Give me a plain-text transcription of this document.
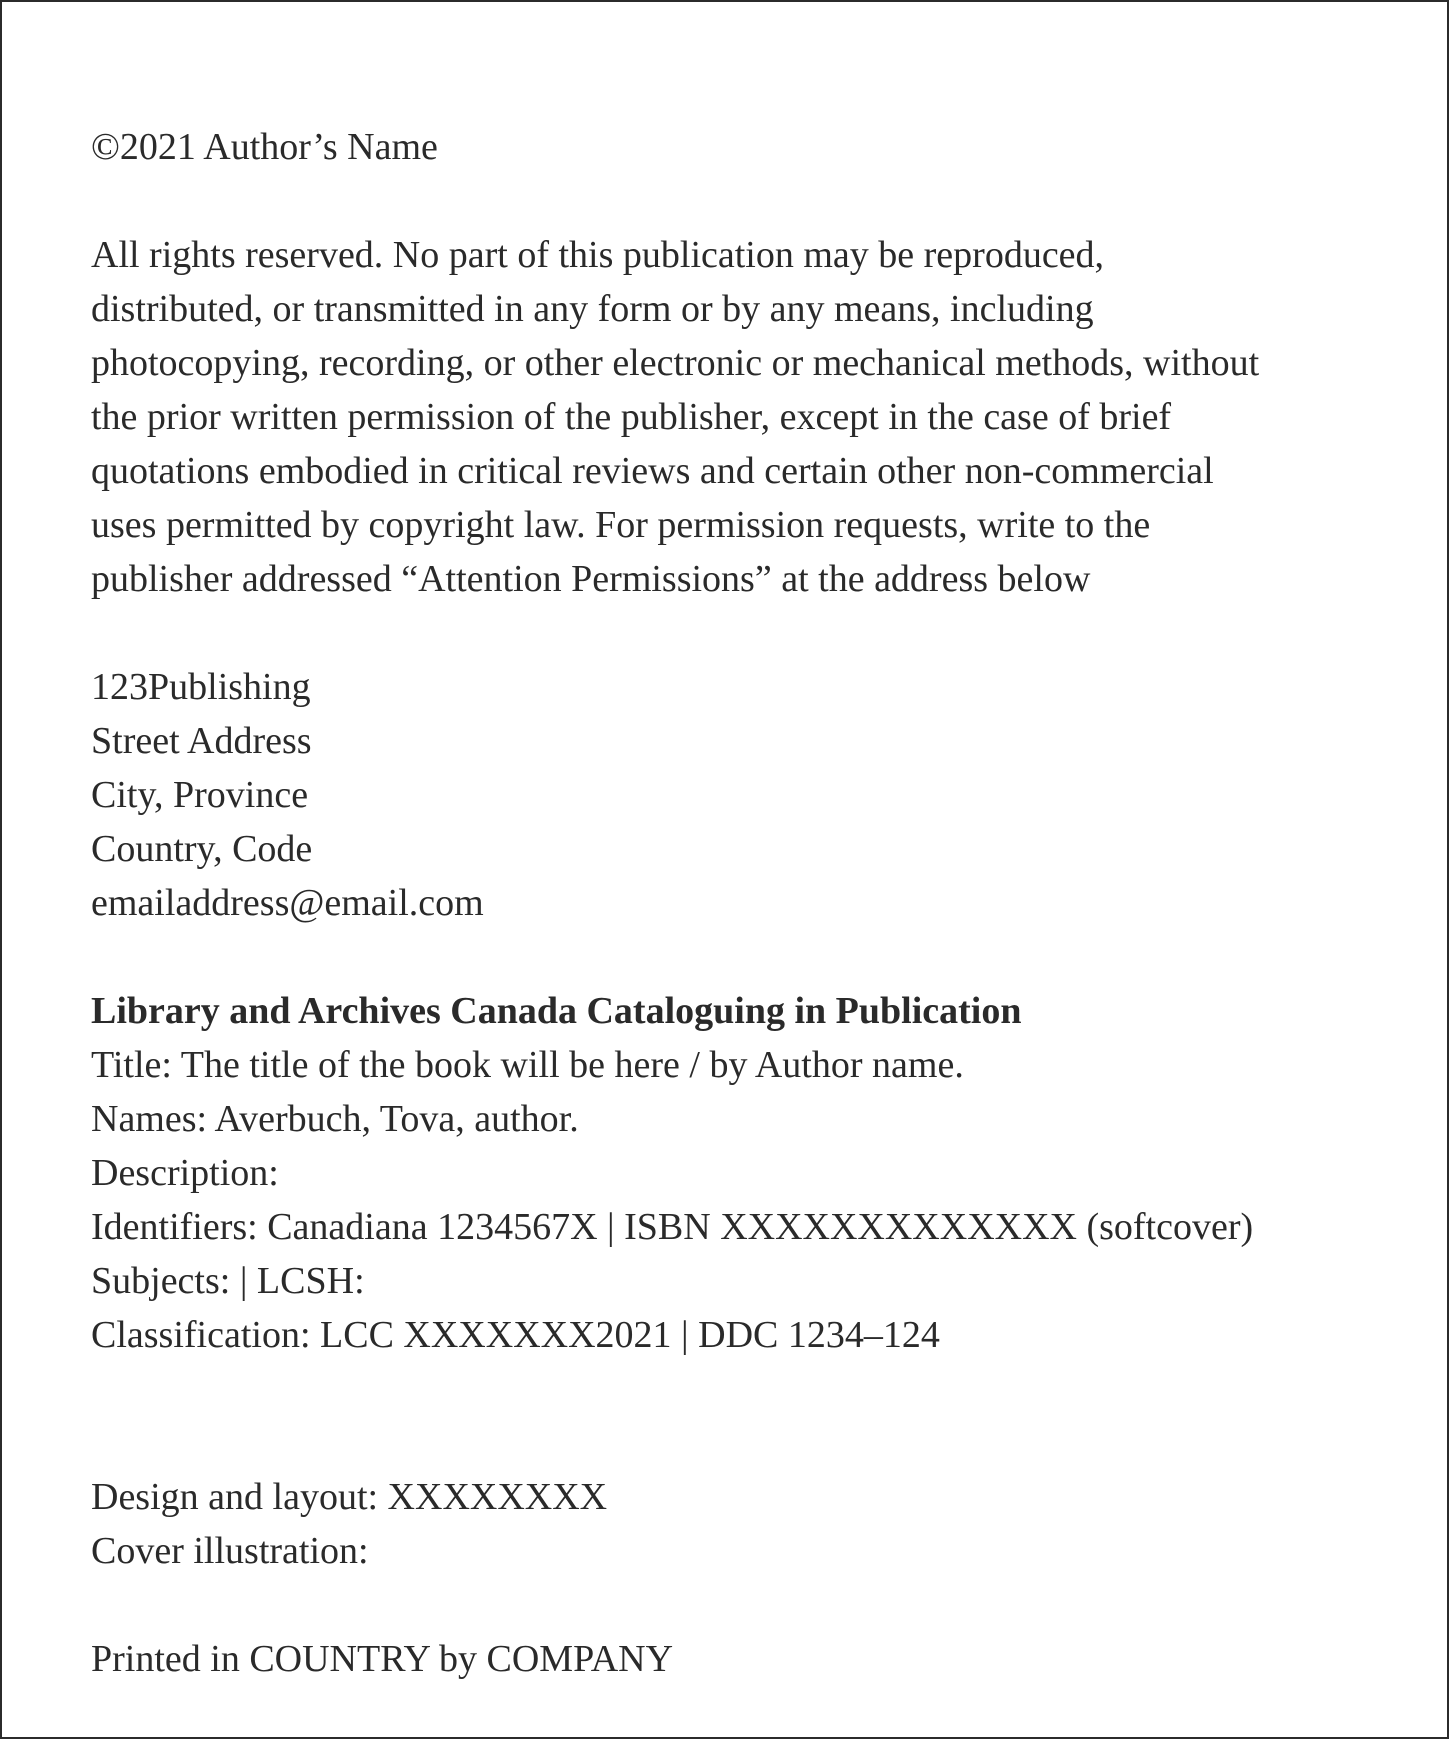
©2021 Author’s Name
All rights reserved. No part of this publication may be reproduced,
distributed, or transmitted in any form or by any means, including
photocopying, recording, or other electronic or mechanical methods, without
the prior written permission of the publisher, except in the case of brief
quotations embodied in critical reviews and certain other non-commercial
uses permitted by copyright law. For permission requests, write to the
publisher addressed “Attention Permissions” at the address below
123Publishing
Street Address
City, Province
Country, Code
emailaddress@email.com
Library and Archives Canada Cataloguing in Publication
Title: The title of the book will be here / by Author name.
Names: Averbuch, Tova, author.
Description:
Identifiers: Canadiana 1234567X | ISBN XXXXXXXXXXXXX (softcover)
Subjects: | LCSH:
Classification: LCC XXXXXXX2021 | DDC 1234–124
Design and layout: XXXXXXXX
Cover illustration:
Printed in COUNTRY by COMPANY
